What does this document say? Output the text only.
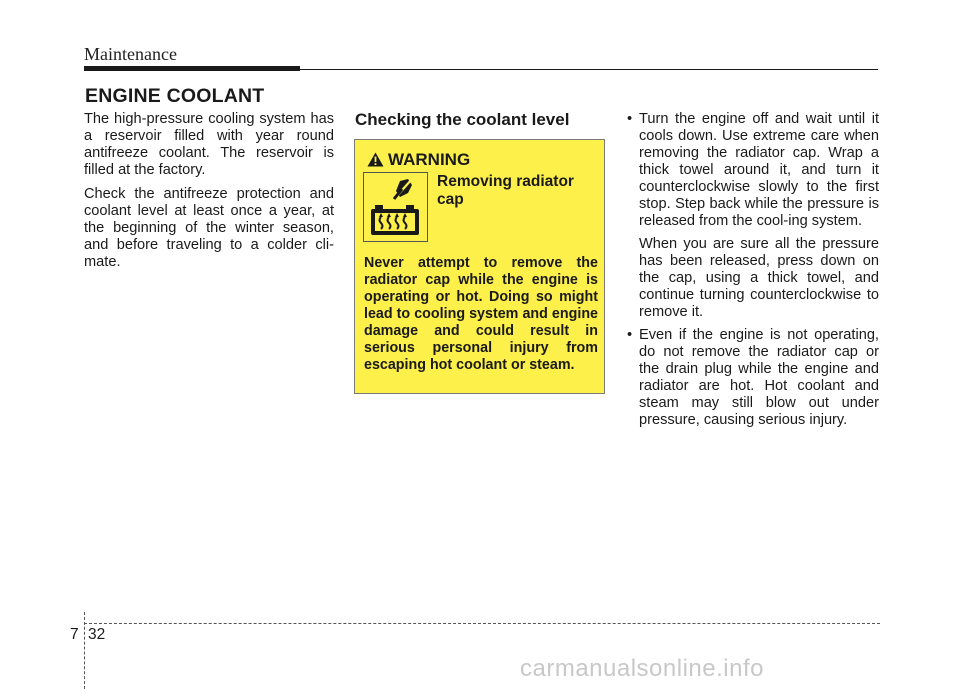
Maintenance
ENGINE COOLANT

The high-pressure cooling system has a reservoir filled with year round antifreeze coolant. The reservoir is filled at the factory.

Check the antifreeze protection and coolant level at least once a year, at the beginning of the winter season, and before traveling to a colder cli-mate.

Checking the coolant level
WARNING
Removing radiator cap
Never attempt to remove the radiator cap while the engine is operating or hot. Doing so might lead to cooling system and engine damage and could result in serious personal injury from escaping hot coolant or steam.

• Turn the engine off and wait until it cools down. Use extreme care when removing the radiator cap. Wrap a thick towel around it, and turn it counterclockwise slowly to the first stop. Step back while the pressure is released from the cool-ing system.

When you are sure all the pressure has been released, press down on the cap, using a thick towel, and continue turning counterclockwise to remove it.

• Even if the engine is not operating, do not remove the radiator cap or the drain plug while the engine and radiator are hot. Hot coolant and steam may still blow out under pressure, causing serious injury.

7 32
carmanualsonline.info
